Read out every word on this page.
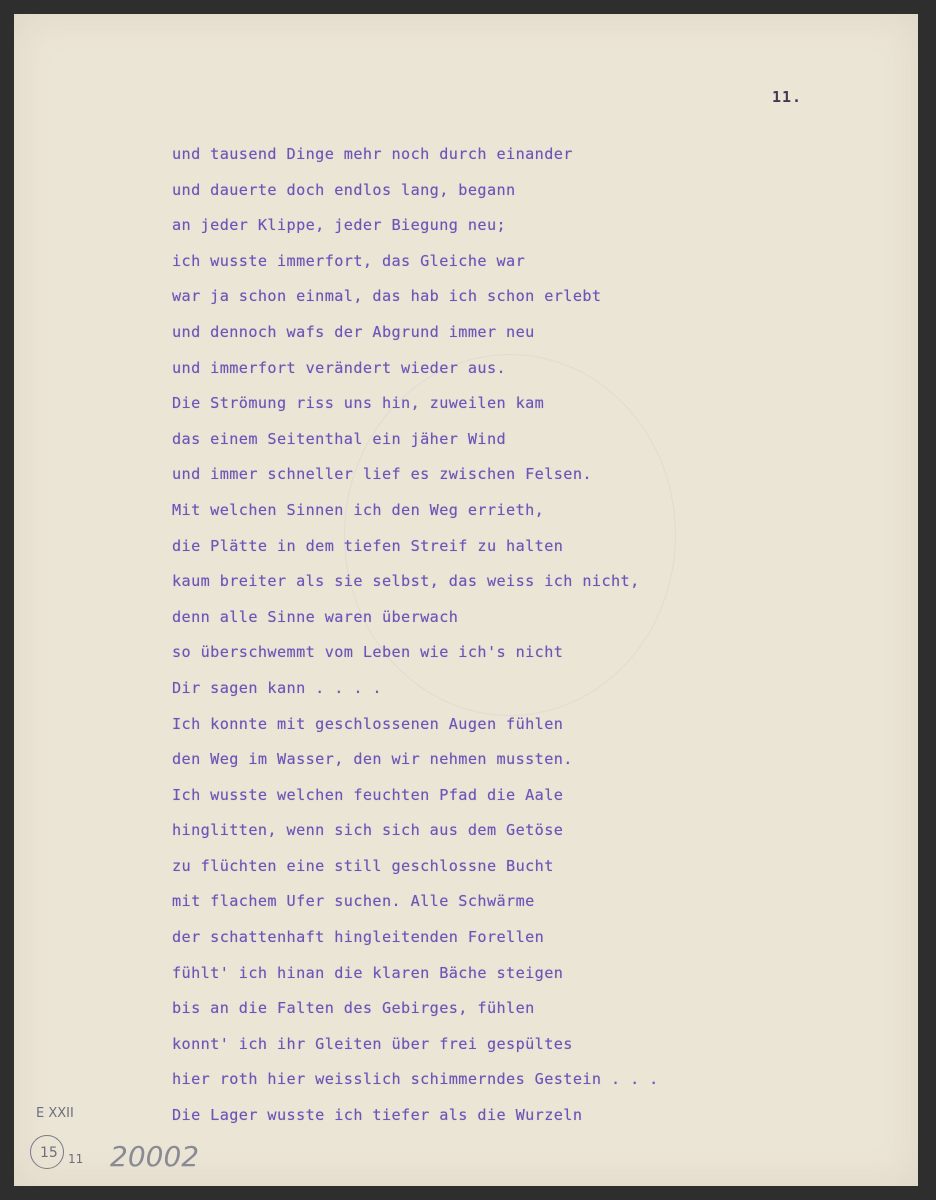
11.
und tausend Dinge mehr noch durch einander
und dauerte doch endlos lang, begann
an jeder Klippe, jeder Biegung neu;
ich wusste immerfort, das Gleiche war
war ja schon einmal, das hab ich schon erlebt
und dennoch wafs der Abgrund immer neu
und immerfort verändert wieder aus.
Die Strömung riss uns hin, zuweilen kam
das einem Seitenthal ein jäher Wind
und immer schneller lief es zwischen Felsen.
Mit welchen Sinnen ich den Weg errieth,
die Plätte in dem tiefen Streif zu halten
kaum breiter als sie selbst, das weiss ich nicht,
denn alle Sinne waren überwach
so überschwemmt vom Leben wie ich's nicht
Dir sagen kann . . . .
Ich konnte mit geschlossenen Augen fühlen
den Weg im Wasser, den wir nehmen mussten.
Ich wusste welchen feuchten Pfad die Aale
hinglitten, wenn sich sich aus dem Getöse
zu flüchten eine still geschlossne Bucht
mit flachem Ufer suchen. Alle Schwärme
der schattenhaft hingleitenden Forellen
fühlt' ich hinan die klaren Bäche steigen
bis an die Falten des Gebirges, fühlen
konnt' ich ihr Gleiten über frei gespültes
hier roth hier weisslich schimmerndes Gestein . . .
Die Lager wusste ich tiefer als die Wurzeln
E XXII
15 11 20002
